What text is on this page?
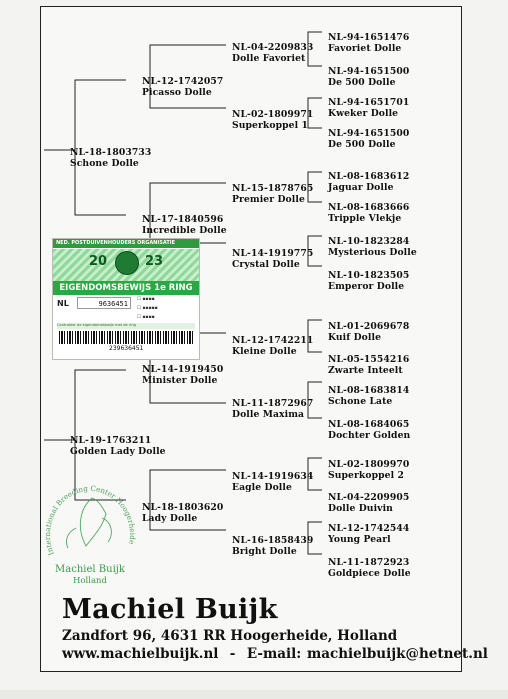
NL-18-1803733
Schone Dolle
NL-19-1763211
Golden Lady Dolle
NL-12-1742057
Picasso Dolle
NL-17-1840596
Incredible Dolle
NL-14-1919450
Minister Dolle
NL-18-1803620
Lady Dolle
NL-04-2209833
Dolle Favoriet
NL-02-1809971
Superkoppel 1
NL-15-1878765
Premier Dolle
NL-14-1919775
Crystal Dolle
NL-12-1742211
Kleine Dolle
NL-11-1872967
Dolle Maxima
NL-14-1919634
Eagle Dolle
NL-16-1858439
Bright Dolle
NL-94-1651476
Favoriet Dolle
NL-94-1651500
De 500 Dolle
NL-94-1651701
Kweker Dolle
NL-94-1651500
De 500 Dolle
NL-08-1683612
Jaguar Dolle
NL-08-1683666
Tripple Vlekje
NL-10-1823284
Mysterious Dolle
NL-10-1823505
Emperor Dolle
NL-01-2069678
Kuif Dolle
NL-05-1554216
Zwarte Inteelt
NL-08-1683814
Schone Late
NL-08-1684065
Dochter Golden
NL-02-1809970
Superkoppel 2
NL-04-2209905
Dolle Duivin
NL-12-1742544
Young Pearl
NL-11-1872923
Goldpiece Dolle
NED. POSTDUIVENHOUDERS ORGANISATIE
20	23
EIGENDOMSBEWIJS 1e RING
NL	9636451
☐ ▪▪▪▪
☐ ▪▪▪▪▪
☐ ▪▪▪▪
Controleer de eigendomsbewijs met de ring
239636451
International Breeding Center Hoogerheide
Machiel Buijk
Holland
Machiel Buijk
Zandfort 96, 4631 RR Hoogerheide, Holland
www.machielbuijk.nl  -  E-mail: machielbuijk@hetnet.nl
